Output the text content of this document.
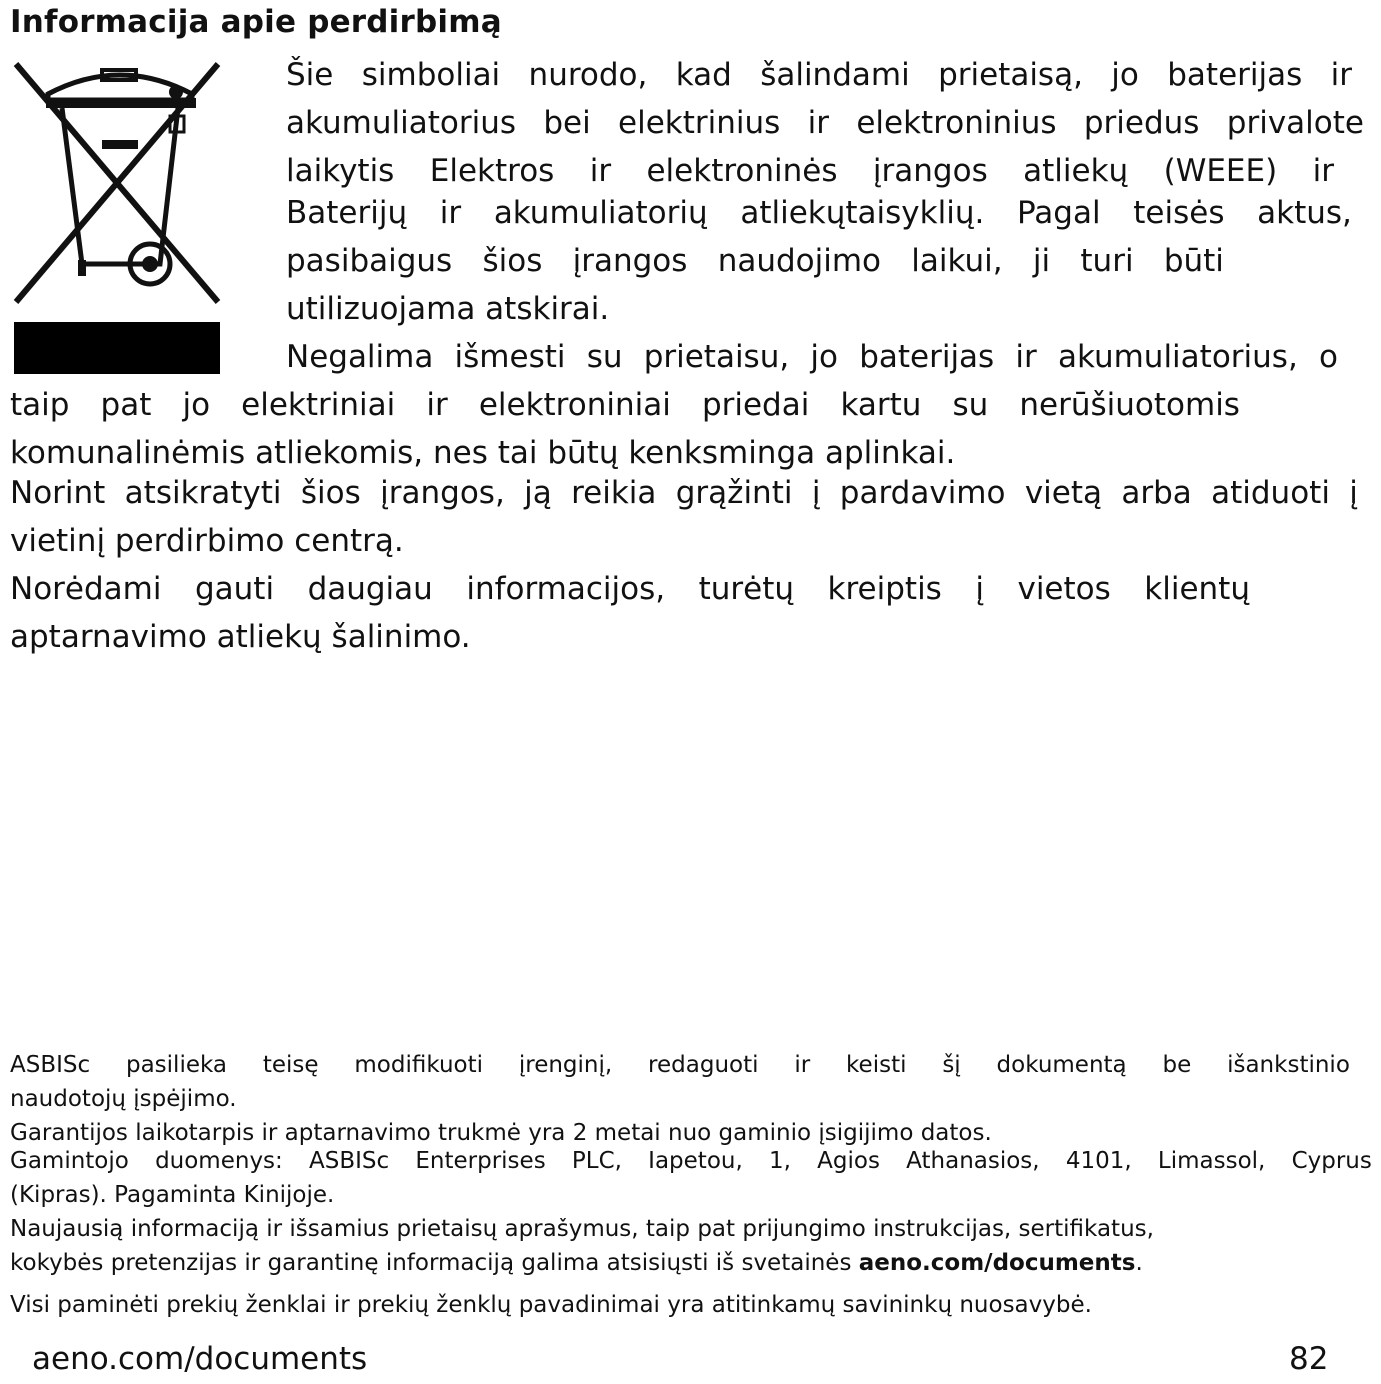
Informacija apie perdirbimą
Šie simboliai nurodo, kad šalindami prietaisą, jo baterijas ir
akumuliatorius bei elektrinius ir elektroninius priedus privalote
laikytis Elektros ir elektroninės įrangos atliekų (WEEE) ir
Baterijų ir akumuliatorių atliekųtaisyklių. Pagal teisės aktus,
pasibaigus šios įrangos naudojimo laikui, ji turi būti
utilizuojama atskirai.
Negalima išmesti su prietaisu, jo baterijas ir akumuliatorius, o
taip pat jo elektriniai ir elektroniniai priedai kartu su nerūšiuotomis
komunalinėmis atliekomis, nes tai būtų kenksminga aplinkai.
Norint atsikratyti šios įrangos, ją reikia grąžinti į pardavimo vietą arba atiduoti į
vietinį perdirbimo centrą.
Norėdami gauti daugiau informacijos, turėtų kreiptis į vietos klientų
aptarnavimo atliekų šalinimo.
ASBISc pasilieka teisę modifikuoti įrenginį, redaguoti ir keisti šį dokumentą be išankstinio
naudotojų įspėjimo.
Garantijos laikotarpis ir aptarnavimo trukmė yra 2 metai nuo gaminio įsigijimo datos.
Gamintojo duomenys: ASBISc Enterprises PLC, Iapetou, 1, Agios Athanasios, 4101, Limassol, Cyprus
(Kipras). Pagaminta Kinijoje.
Naujausią informaciją ir išsamius prietaisų aprašymus, taip pat prijungimo instrukcijas, sertifikatus,
kokybės pretenzijas ir garantinę informaciją galima atsisiųsti iš svetainės aeno.com/documents.
Visi paminėti prekių ženklai ir prekių ženklų pavadinimai yra atitinkamų savininkų nuosavybė.
aeno.com/documents	82
